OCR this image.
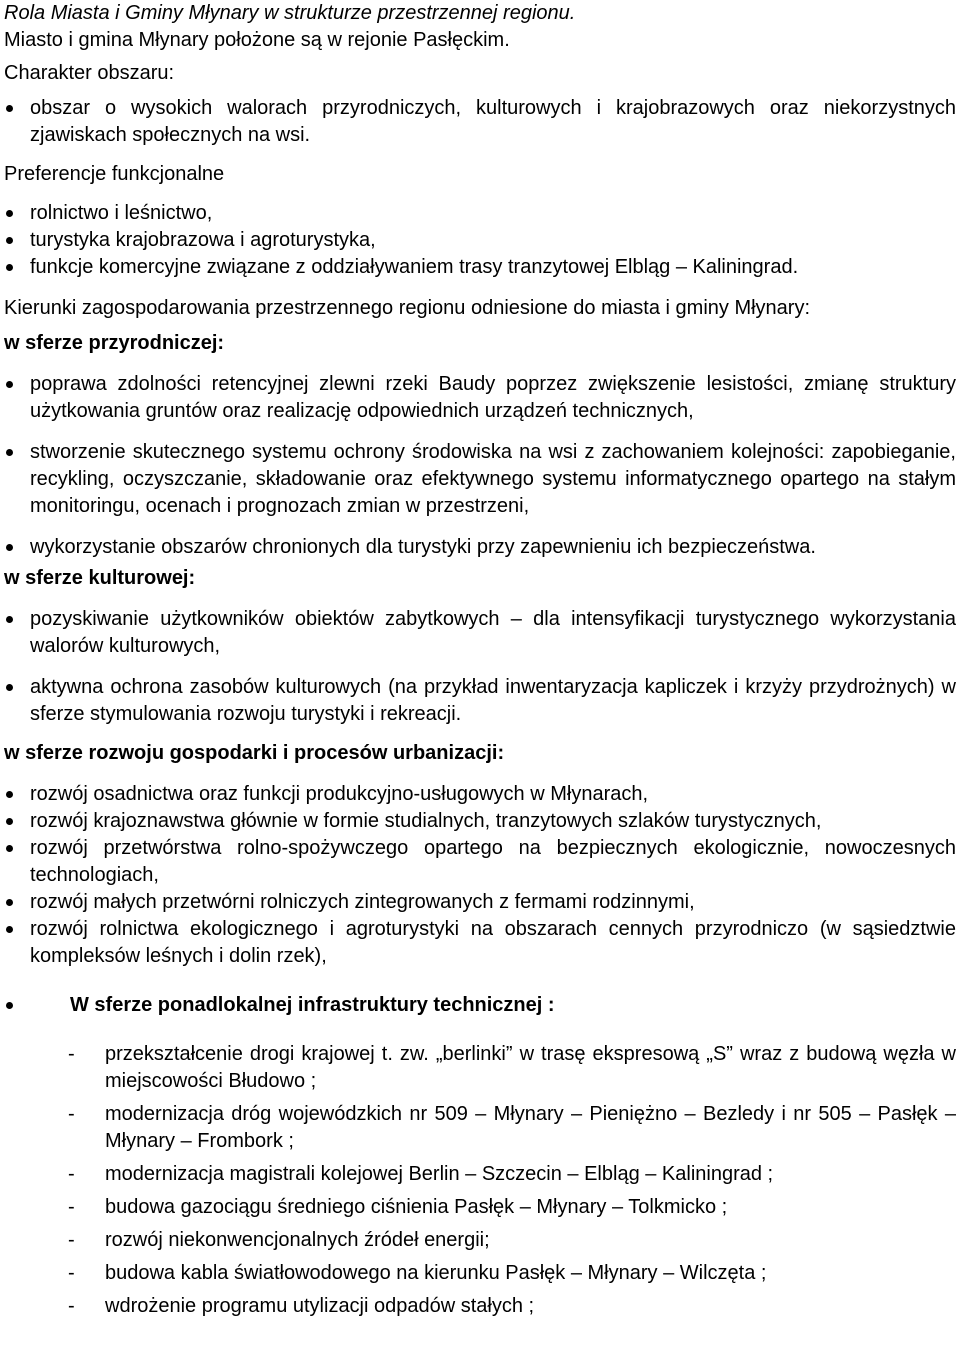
Rola Miasta i Gminy Młynary w strukturze przestrzennej regionu.

Miasto i gmina Młynary położone są w rejonie Pasłęckim.

Charakter obszaru:

obszar o wysokich walorach przyrodniczych, kulturowych i krajobrazowych oraz niekorzystnych zjawiskach społecznych na wsi.

Preferencje funkcjonalne

rolnictwo i leśnictwo,
turystyka krajobrazowa i agroturystyka,
funkcje komercyjne związane z oddziaływaniem trasy tranzytowej Elbląg – Kaliningrad.

Kierunki zagospodarowania przestrzennego regionu odniesione do miasta i gminy Młynary:

w sferze przyrodniczej:

poprawa zdolności retencyjnej zlewni rzeki Baudy poprzez zwiększenie lesistości, zmianę struktury użytkowania gruntów oraz realizację odpowiednich urządzeń technicznych,
stworzenie skutecznego systemu ochrony środowiska na wsi z zachowaniem kolejności: zapobieganie, recykling, oczyszczanie, składowanie oraz efektywnego systemu informatycznego opartego na stałym monitoringu, ocenach i prognozach zmian w przestrzeni,
wykorzystanie obszarów chronionych dla turystyki przy zapewnieniu ich bezpieczeństwa.

w sferze kulturowej:

pozyskiwanie użytkowników obiektów zabytkowych – dla intensyfikacji turystycznego wykorzystania walorów kulturowych,
aktywna ochrona zasobów kulturowych (na przykład inwentaryzacja kapliczek i krzyży przydrożnych) w sferze stymulowania rozwoju turystyki i rekreacji.

w sferze rozwoju gospodarki i procesów urbanizacji:

rozwój osadnictwa oraz funkcji produkcyjno-usługowych w Młynarach,
rozwój krajoznawstwa głównie w formie studialnych, tranzytowych szlaków turystycznych,
rozwój przetwórstwa rolno-spożywczego opartego na bezpiecznych ekologicznie, nowoczesnych technologiach,
rozwój małych przetwórni rolniczych zintegrowanych z fermami rodzinnymi,
rozwój rolnictwa ekologicznego i agroturystyki na obszarach cennych przyrodniczo (w sąsiedztwie kompleksów leśnych i dolin rzek),
W sferze ponadlokalnej infrastruktury technicznej :
- przekształcenie drogi krajowej t. zw. „berlinki” w trasę ekspresową „S” wraz z budową węzła w miejscowości Błudowo ;
- modernizacja dróg wojewódzkich nr 509 – Młynary – Pieniężno – Bezledy i nr 505 – Pasłęk – Młynary – Frombork ;
- modernizacja magistrali kolejowej Berlin – Szczecin – Elbląg – Kaliningrad ;
- budowa gazociągu średniego ciśnienia Pasłęk – Młynary – Tolkmicko ;
- rozwój niekonwencjonalnych źródeł energii;
- budowa kabla światłowodowego na kierunku Pasłęk – Młynary – Wilczęta ;
- wdrożenie programu utylizacji odpadów stałych ;
